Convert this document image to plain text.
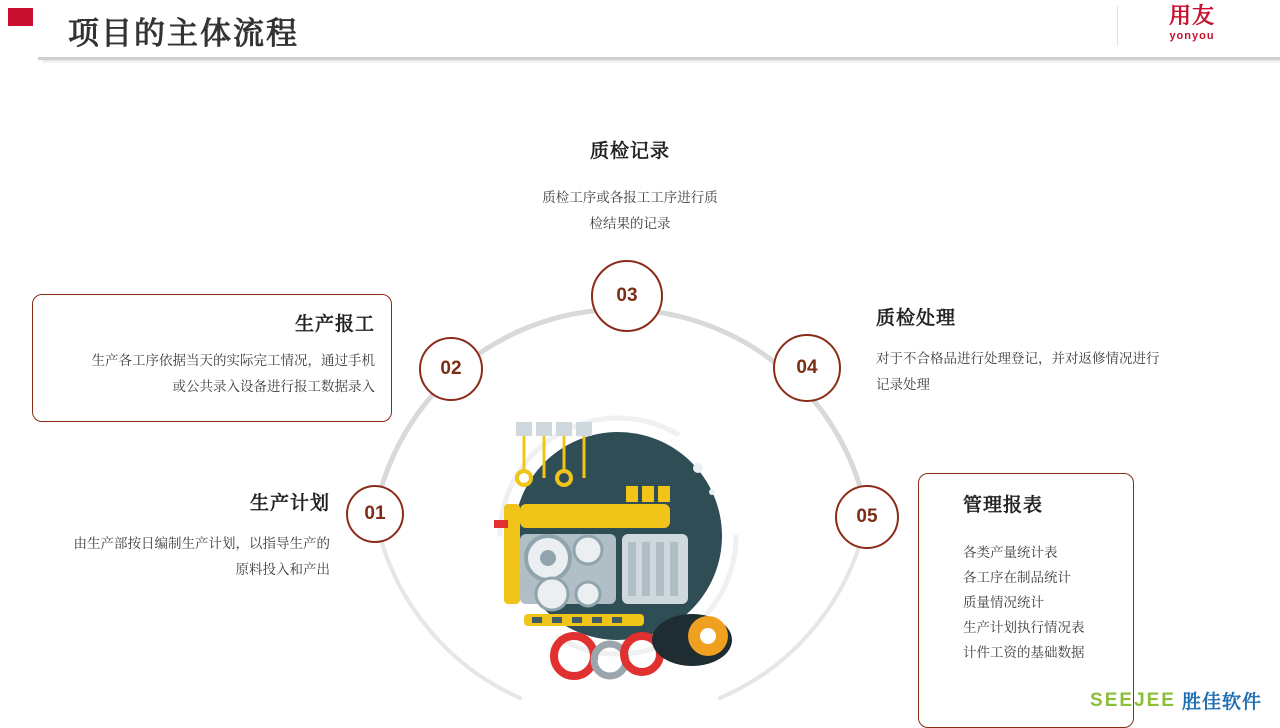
项目的主体流程	用友
yonyou
01
02
03
04
05
质检记录
质检工序或各报工工序进行质
检结果的记录
生产报工
生产各工序依据当天的实际完工情况，通过手机
或公共录入设备进行报工数据录入
生产计划
由生产部按日编制生产计划，以指导生产的
原料投入和产出
质检处理
对于不合格品进行处理登记，并对返修情况进行
记录处理
管理报表
各类产量统计表
各工序在制品统计
质量情况统计
生产计划执行情况表
计件工资的基础数据
SEEJEE 胜佳软件
